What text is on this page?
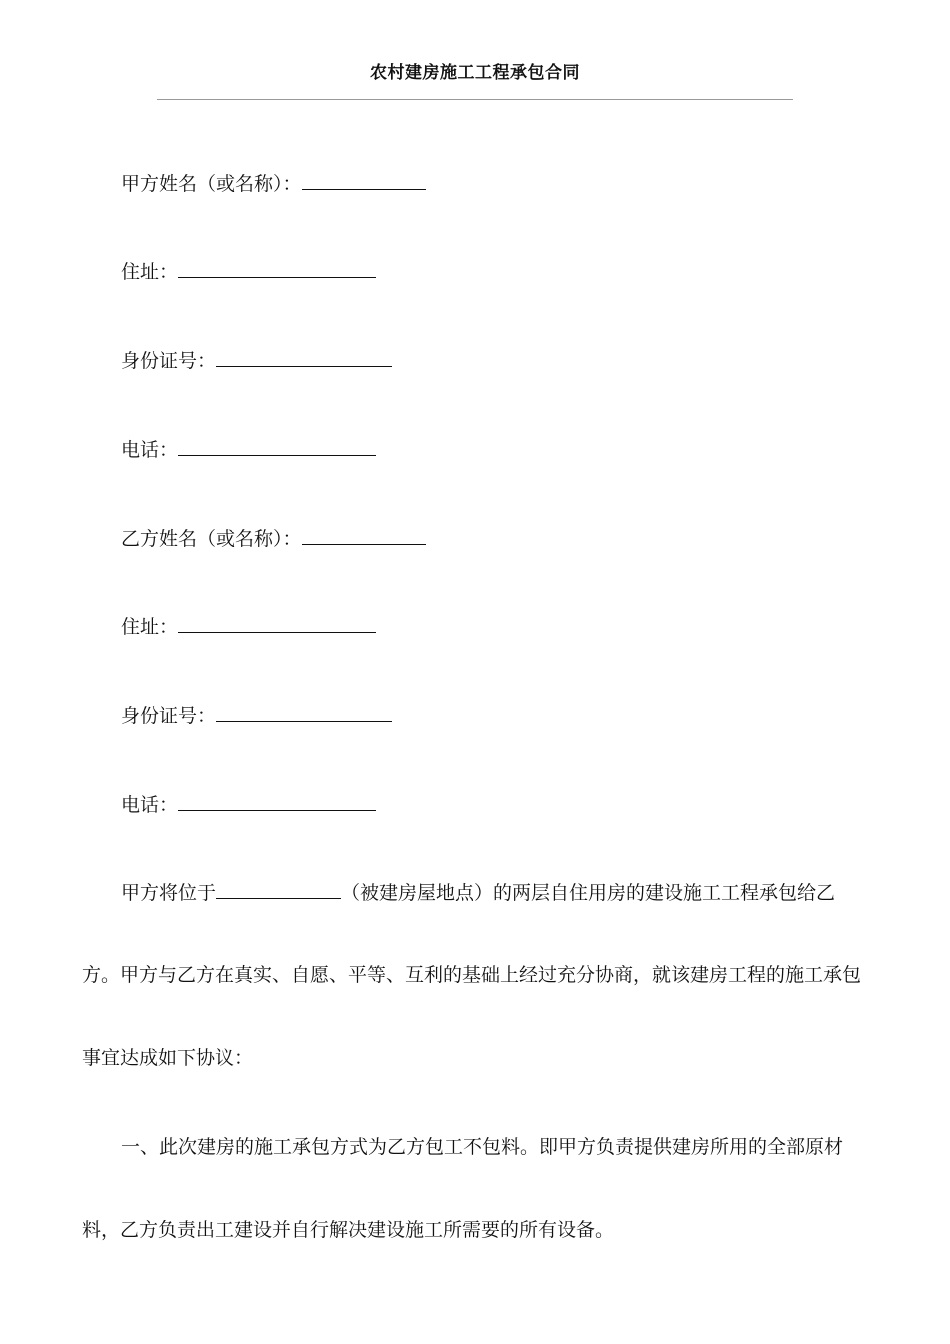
农村建房施工工程承包合同
甲方姓名（或名称）：
住址：
身份证号：
电话：
乙方姓名（或名称）：
住址：
身份证号：
电话：
甲方将位于	（被建房屋地点）的两层自住用房的建设施工工程承包给乙
方。甲方与乙方在真实、自愿、平等、互利的基础上经过充分协商，就该建房工程的施工承包
事宜达成如下协议：
一、此次建房的施工承包方式为乙方包工不包料。即甲方负责提供建房所用的全部原材
料，乙方负责出工建设并自行解决建设施工所需要的所有设备。
